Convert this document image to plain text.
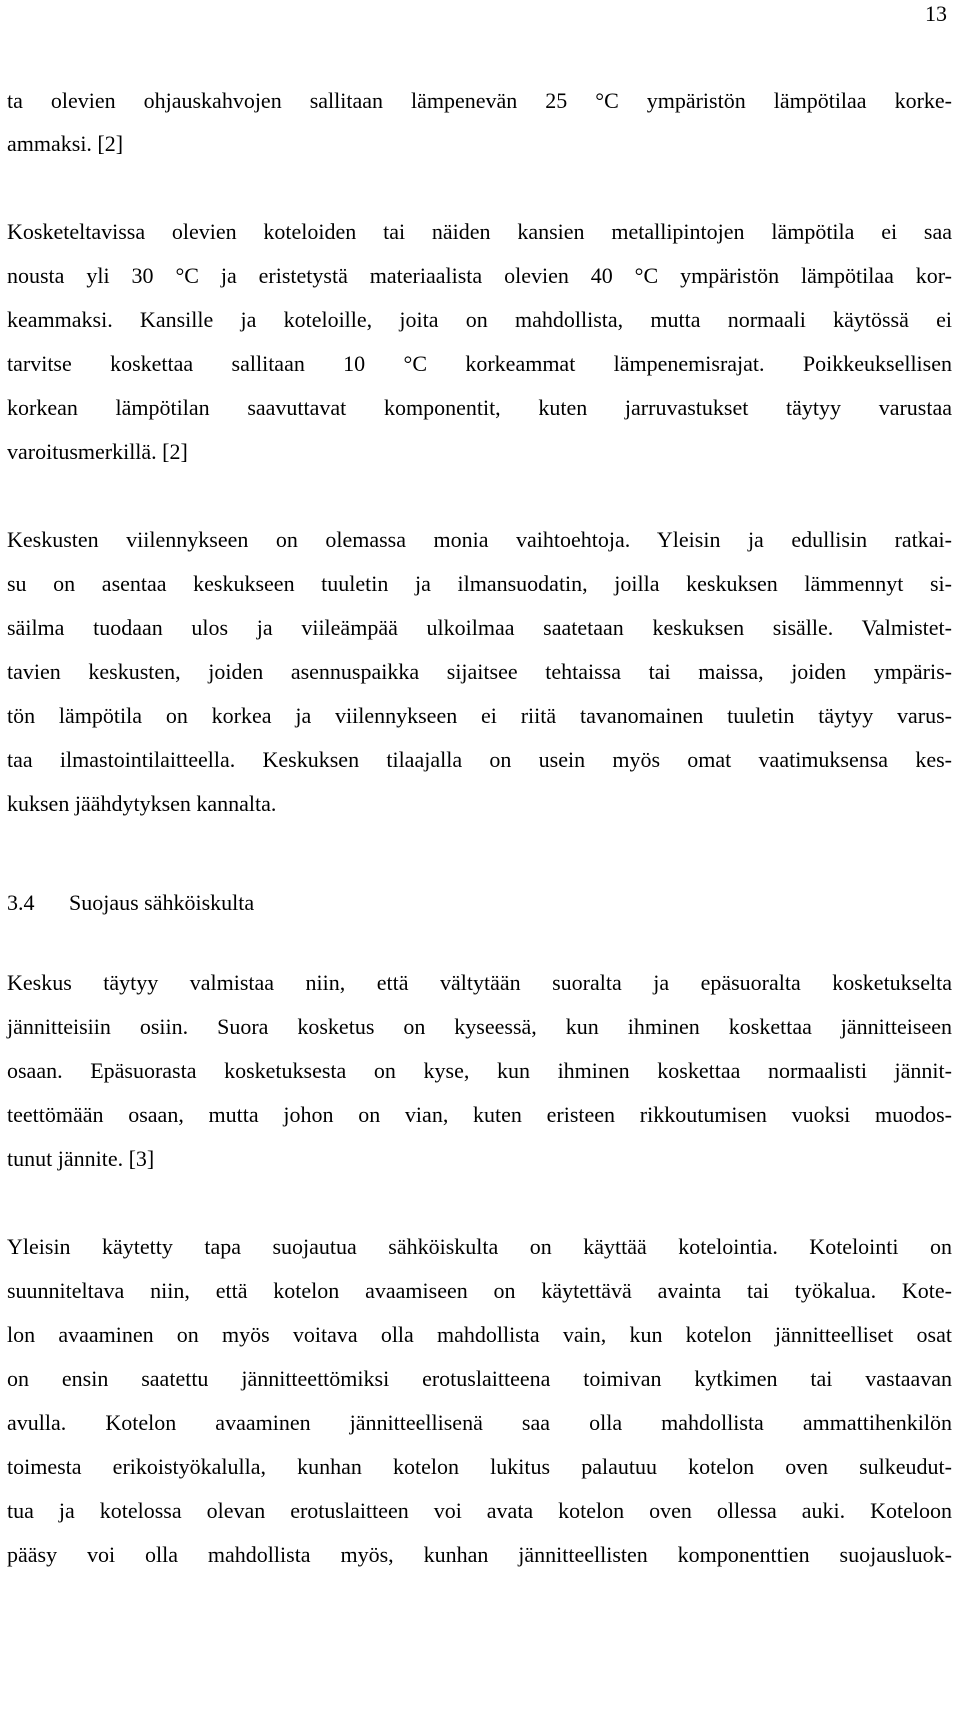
13
ta olevien ohjauskahvojen sallitaan lämpenevän 25 °C ympäristön lämpötilaa korke-
ammaksi. [2]
Kosketeltavissa olevien koteloiden tai näiden kansien metallipintojen lämpötila ei saa
nousta yli 30 °C ja eristetystä materiaalista olevien 40 °C ympäristön lämpötilaa kor-
keammaksi. Kansille ja koteloille, joita on mahdollista, mutta normaali käytössä ei
tarvitse koskettaa sallitaan 10 °C korkeammat lämpenemisrajat. Poikkeuksellisen
korkean lämpötilan saavuttavat komponentit, kuten jarruvastukset täytyy varustaa
varoitusmerkillä. [2]
Keskusten viilennykseen on olemassa monia vaihtoehtoja. Yleisin ja edullisin ratkai-
su on asentaa keskukseen tuuletin ja ilmansuodatin, joilla keskuksen lämmennyt si-
säilma tuodaan ulos ja viileämpää ulkoilmaa saatetaan keskuksen sisälle. Valmistet-
tavien keskusten, joiden asennuspaikka sijaitsee tehtaissa tai maissa, joiden ympäris-
tön lämpötila on korkea ja viilennykseen ei riitä tavanomainen tuuletin täytyy varus-
taa ilmastointilaitteella. Keskuksen tilaajalla on usein myös omat vaatimuksensa kes-
kuksen jäähdytyksen kannalta.
3.4 Suojaus sähköiskulta
Keskus täytyy valmistaa niin, että vältytään suoralta ja epäsuoralta kosketukselta
jännitteisiin osiin. Suora kosketus on kyseessä, kun ihminen koskettaa jännitteiseen
osaan. Epäsuorasta kosketuksesta on kyse, kun ihminen koskettaa normaalisti jännit-
teettömään osaan, mutta johon on vian, kuten eristeen rikkoutumisen vuoksi muodos-
tunut jännite. [3]
Yleisin käytetty tapa suojautua sähköiskulta on käyttää kotelointia. Kotelointi on
suunniteltava niin, että kotelon avaamiseen on käytettävä avainta tai työkalua. Kote-
lon avaaminen on myös voitava olla mahdollista vain, kun kotelon jännitteelliset osat
on ensin saatettu jännitteettömiksi erotuslaitteena toimivan kytkimen tai vastaavan
avulla. Kotelon avaaminen jännitteellisenä saa olla mahdollista ammattihenkilön
toimesta erikoistyökalulla, kunhan kotelon lukitus palautuu kotelon oven sulkeudut-
tua ja kotelossa olevan erotuslaitteen voi avata kotelon oven ollessa auki. Koteloon
pääsy voi olla mahdollista myös, kunhan jännitteellisten komponenttien suojausluok-
